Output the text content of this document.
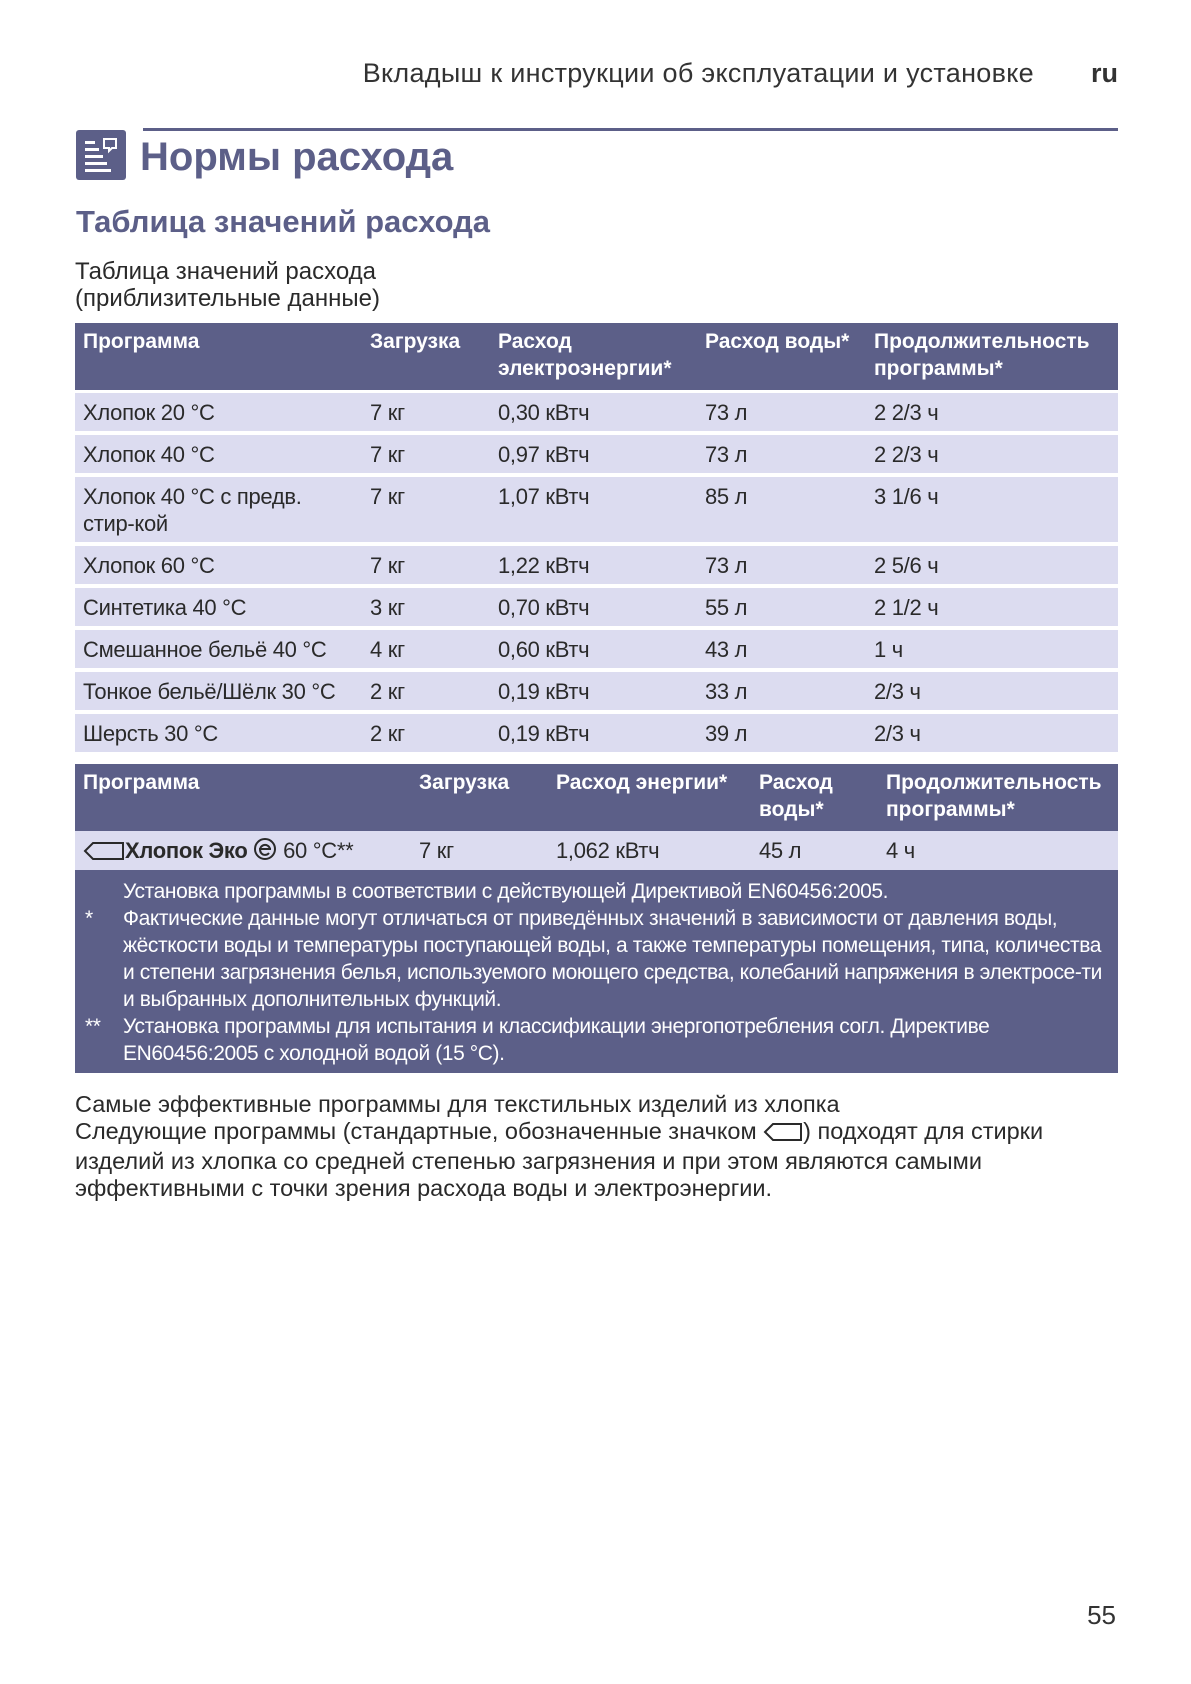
Вкладыш к инструкции об эксплуатации и установке ru
Нормы расхода
Таблица значений расхода
Таблица значений расхода
(приблизительные данные)
Программа	Загрузка	Расход электроэнергии*	Расход воды*	Продолжительность программы*
Хлопок 20 °C	7 кг	0,30 кВтч	73 л	2 2/3 ч
Хлопок 40 °C	7 кг	0,97 кВтч	73 л	2 2/3 ч
Хлопок 40 °C с предв. стир-кой	7 кг	1,07 кВтч	85 л	3 1/6 ч
Хлопок 60 °C	7 кг	1,22 кВтч	73 л	2 5/6 ч
Синтетика 40 °C	3 кг	0,70 кВтч	55 л	2 1/2 ч
Смешанное бельё 40 °C	4 кг	0,60 кВтч	43 л	1 ч
Тонкое бельё/Шёлк 30 °C	2 кг	0,19 кВтч	33 л	2/3 ч
Шерсть 30 °C	2 кг	0,19 кВтч	39 л	2/3 ч
Программа	Загрузка	Расход энергии*	Расход воды*	Продолжительность программы*
Хлопок Эко 60 °C**	7 кг	1,062 кВтч	45 л	4 ч
Установка программы в соответствии с действующей Директивой EN60456:2005.
* Фактические данные могут отличаться от приведённых значений в зависимости от давления воды, жёсткости воды и температуры поступающей воды, а также температуры помещения, типа, количества и степени загрязнения белья, используемого моющего средства, колебаний напряжения в электросе-ти и выбранных дополнительных функций.
** Установка программы для испытания и классификации энергопотребления согл. Директиве EN60456:2005 с холодной водой (15 °C).
Самые эффективные программы для текстильных изделий из хлопка
Следующие программы (стандартные, обозначенные значком ) подходят для стирки изделий из хлопка со средней степенью загрязнения и при этом являются самыми эффективными с точки зрения расхода воды и электроэнергии.
55
